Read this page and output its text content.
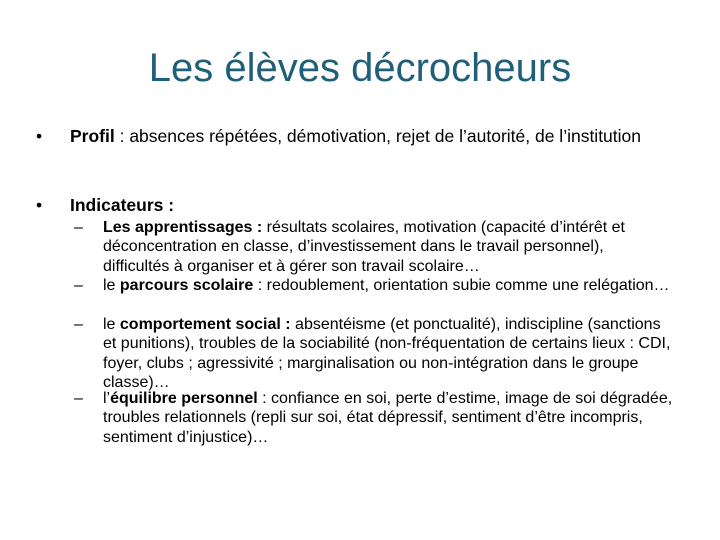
Les élèves décrocheurs
• Profil : absences répétées, démotivation, rejet de l’autorité, de l’institution
• Indicateurs :
– Les apprentissages : résultats scolaires, motivation (capacité d’intérêt et déconcentration en classe, d’investissement dans le travail personnel), difficultés à organiser et à gérer son travail scolaire…
– le parcours scolaire : redoublement, orientation subie comme une relégation…
– le comportement social : absentéisme (et ponctualité), indiscipline (sanctions et punitions), troubles de la sociabilité (non-fréquentation de certains lieux : CDI, foyer, clubs ; agressivité ; marginalisation ou non-intégration dans le groupe classe)…
– l’équilibre personnel : confiance en soi, perte d’estime, image de soi dégradée, troubles relationnels (repli sur soi, état dépressif, sentiment d’être incompris, sentiment d’injustice)…
